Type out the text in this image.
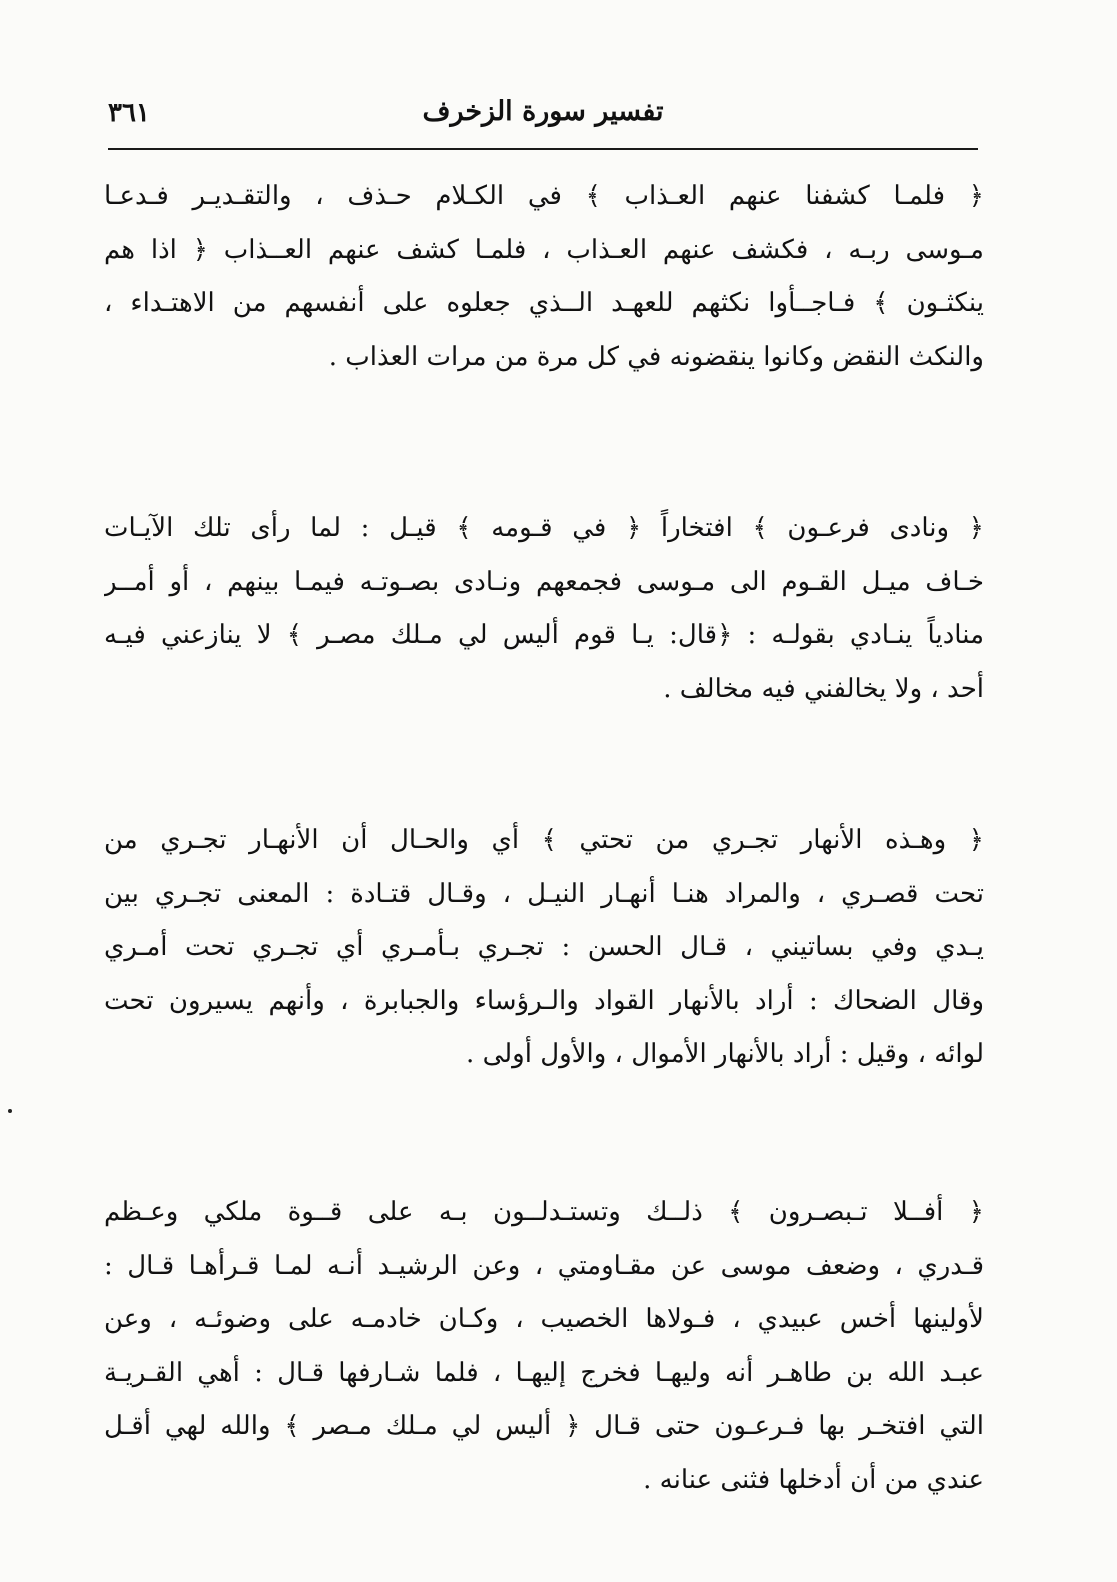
٣٦١	تفسير سورة الزخرف
﴿ فلمـا كشفنا عنهم العـذاب ﴾ في الكـلام حـذف ، والتقـديـر فـدعـا
مـوسى ربـه ، فكشف عنهم العـذاب ، فلمـا كشف عنهم العــذاب ﴿ اذا هم
ينكثـون ﴾ فـاجــأوا نكثهم للعهـد الــذي جعلوه على أنفسهم من الاهتـداء ،
والنكث النقض وكانوا ينقضونه في كل مرة من مرات العذاب .
﴿ ونادى فرعـون ﴾ افتخاراً ﴿ في قـومه ﴾ قيـل : لما رأى تلك الآيـات
خـاف ميـل القـوم الى مـوسى فجمعهم ونـادى بصـوتـه فيمـا بينهم ، أو أمــر
منادياً ينـادي بقولـه : ﴿قال: يـا قوم أليس لي مـلك مصـر ﴾ لا ينازعني فيـه
أحد ، ولا يخالفني فيه مخالف .
﴿ وهـذه الأنهار تجـري من تحتي ﴾ أي والحـال أن الأنهـار تجـري من
تحت قصـري ، والمراد هنـا أنهـار النيـل ، وقـال قتـادة : المعنى تجـري بين
يـدي وفي بساتيني ، قـال الحسن : تجـري بـأمـري أي تجـري تحت أمـري
وقال الضحاك : أراد بالأنهار القواد والـرؤساء والجبابرة ، وأنهم يسيرون تحت
لوائه ، وقيل : أراد بالأنهار الأموال ، والأول أولى .
﴿ أفــلا تـبصـرون ﴾ ذلــك وتستـدلــون بـه على قــوة ملكي وعـظم
قـدري ، وضعف موسى عن مقـاومتي ، وعن الرشيـد أنـه لمـا قـرأهـا قـال :
لأولينها أخس عبيدي ، فـولاها الخصيب ، وكـان خادمـه على وضوئـه ، وعن
عبـد الله بن طاهـر أنه وليهـا فخرج إليهـا ، فلما شـارفها قـال : أهي القـريـة
التي افتخـر بها فـرعـون حتى قـال ﴿ أليس لي مـلك مـصر ﴾ والله لهي أقـل
عندي من أن أدخلها فثنى عنانه .
